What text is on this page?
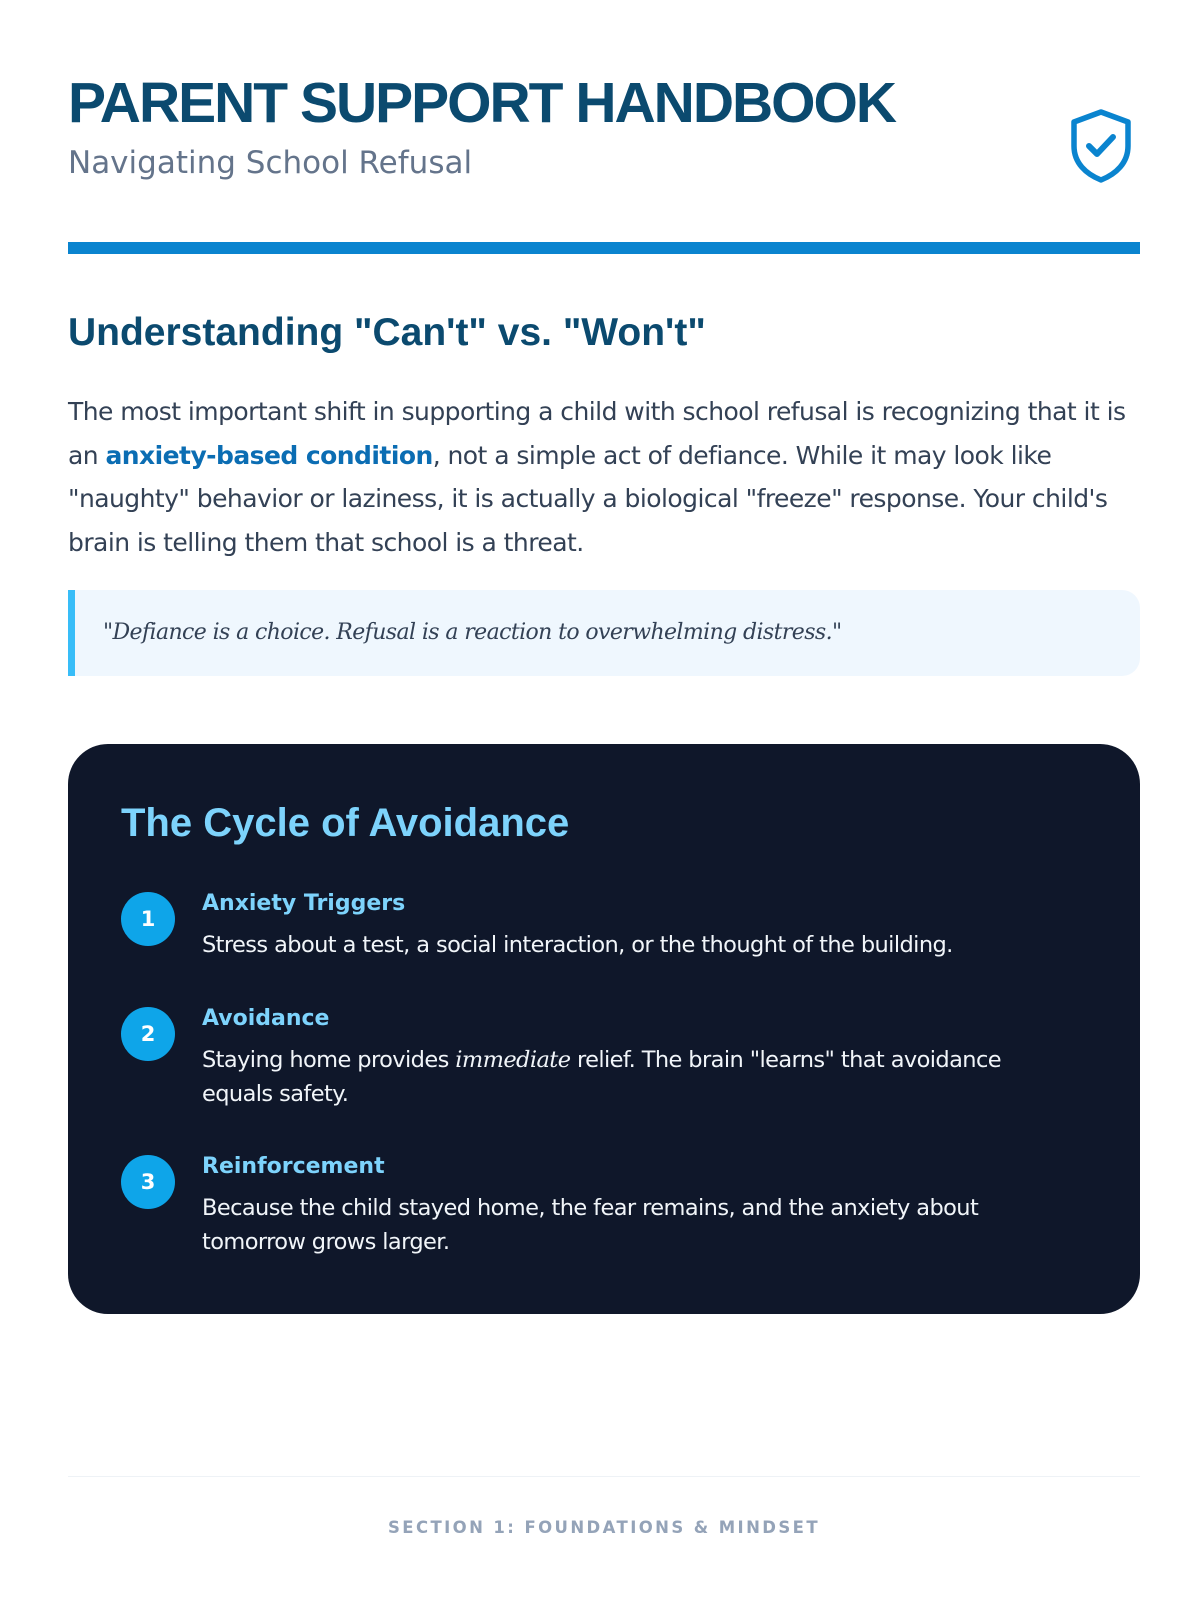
PARENT SUPPORT HANDBOOK

Navigating School Refusal

Understanding "Can't" vs. "Won't"

The most important shift in supporting a child with school refusal is recognizing that it is an anxiety-based condition, not a simple act of defiance. While it may look like "naughty" behavior or laziness, it is actually a biological "freeze" response. Your child's brain is telling them that school is a threat.

"Defiance is a choice. Refusal is a reaction to overwhelming distress."

The Cycle of Avoidance
1

Anxiety Triggers

Stress about a test, a social interaction, or the thought of the building.

2

Avoidance

Staying home provides immediate relief. The brain "learns" that avoidance equals safety.

3

Reinforcement

Because the child stayed home, the fear remains, and the anxiety about tomorrow grows larger.

SECTION 1: FOUNDATIONS & MINDSET
